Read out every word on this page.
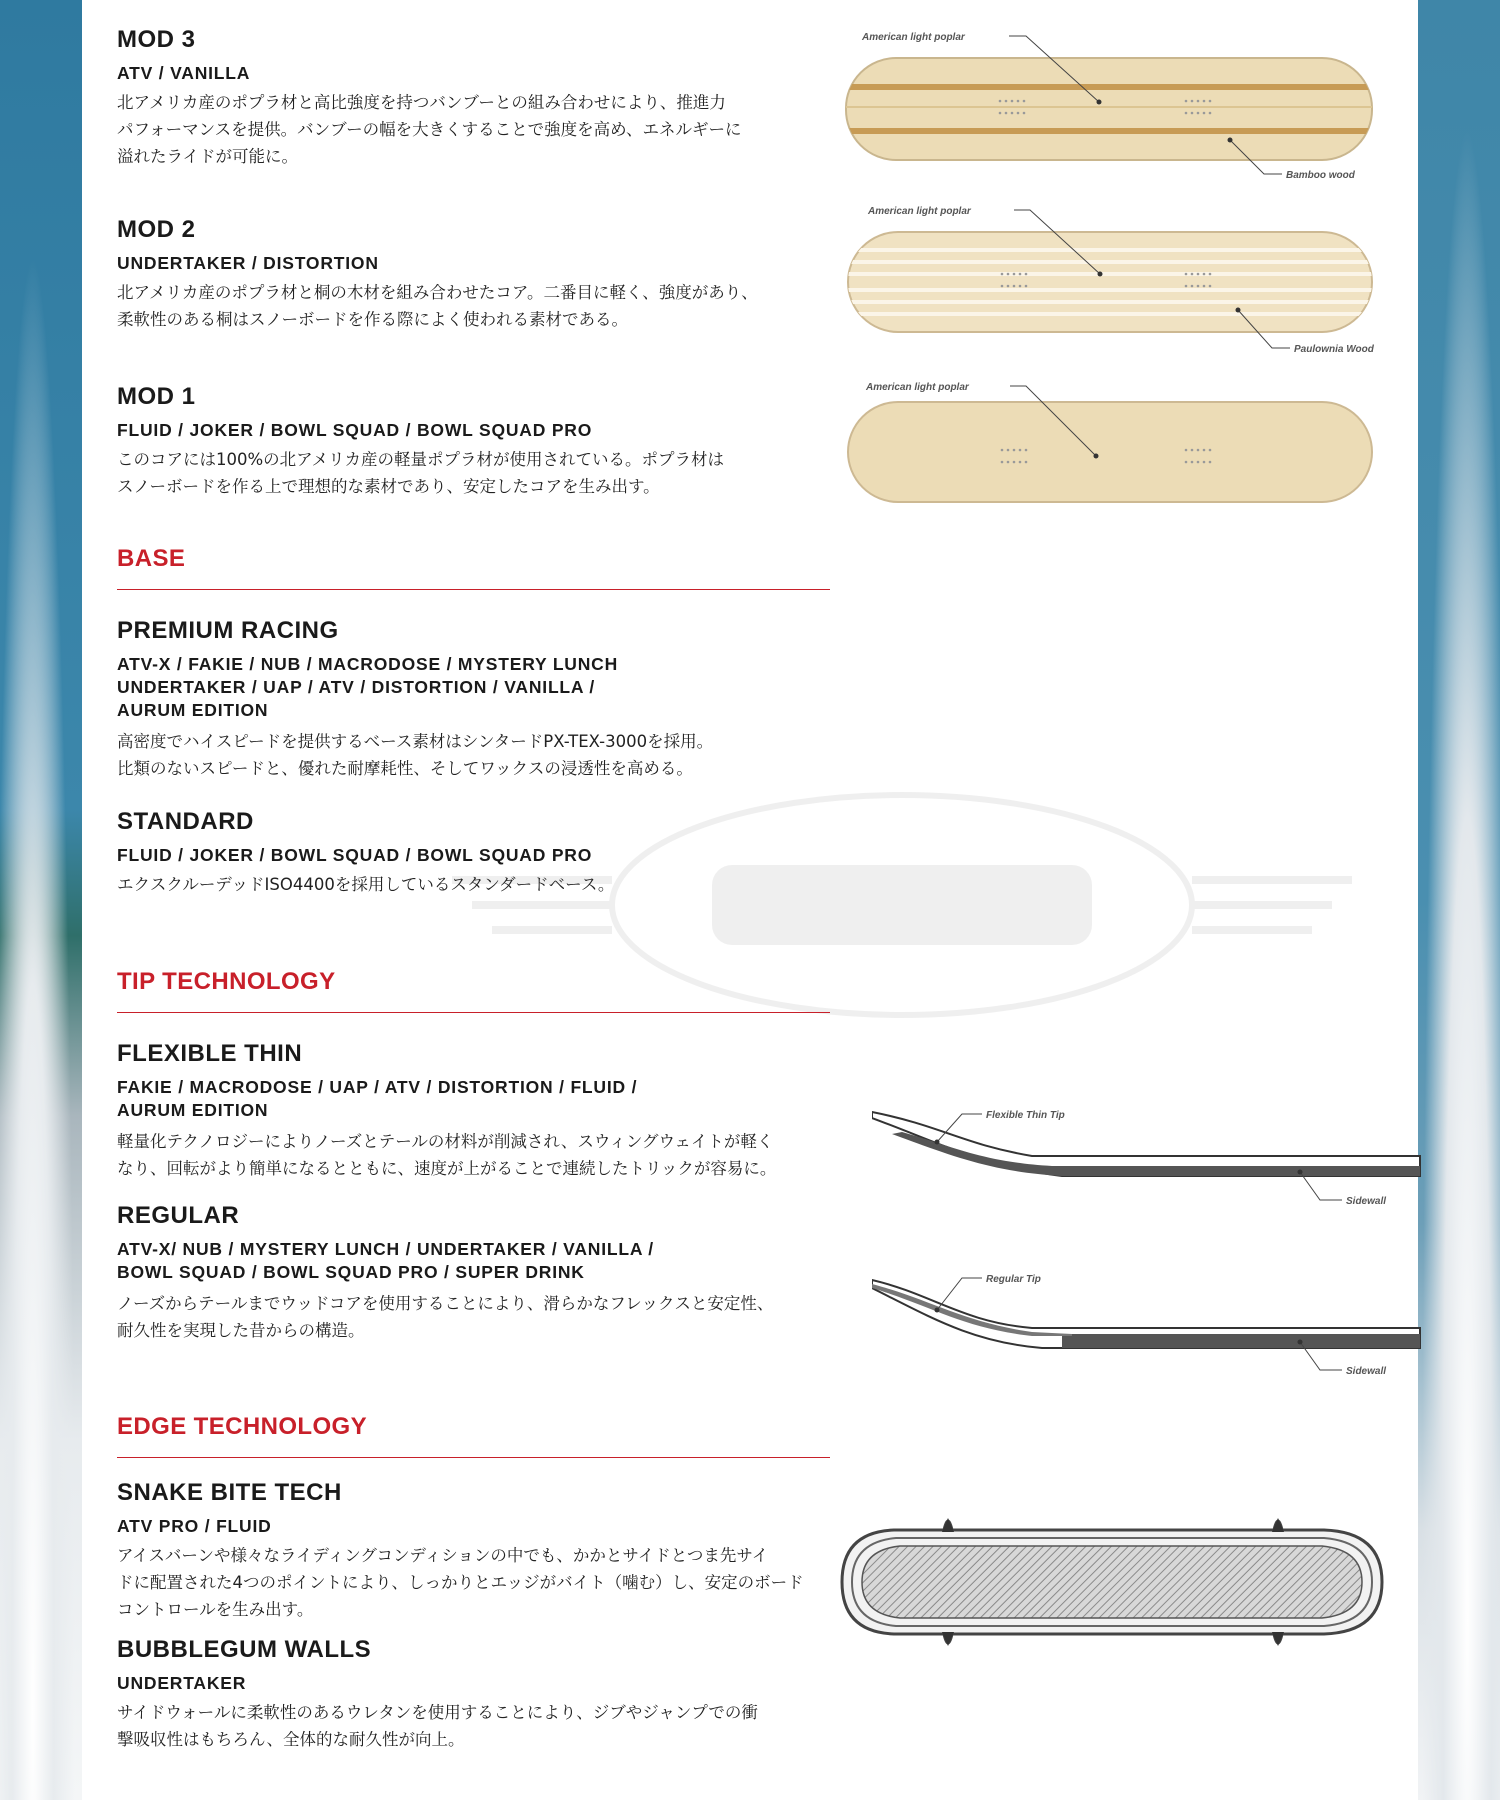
MOD 3

ATV / VANILLA

北アメリカ産のポプラ材と高比強度を持つバンブーとの組み合わせにより、推進力

パフォーマンスを提供。バンブーの幅を大きくすることで強度を高め、エネルギーに

溢れたライドが可能に。

MOD 2

UNDERTAKER / DISTORTION

北アメリカ産のポプラ材と桐の木材を組み合わせたコア。二番目に軽く、強度があり、

柔軟性のある桐はスノーボードを作る際によく使われる素材である。

MOD 1

FLUID / JOKER / BOWL SQUAD / BOWL SQUAD PRO

このコアには100%の北アメリカ産の軽量ポプラ材が使用されている。ポプラ材は

スノーボードを作る上で理想的な素材であり、安定したコアを生み出す。

BASE

PREMIUM RACING

ATV-X / FAKIE / NUB / MACRODOSE / MYSTERY LUNCH

UNDERTAKER / UAP / ATV / DISTORTION / VANILLA /

AURUM EDITION

高密度でハイスピードを提供するベース素材はシンタードPX-TEX-3000を採用。

比類のないスピードと、優れた耐摩耗性、そしてワックスの浸透性を高める。

STANDARD

FLUID / JOKER / BOWL SQUAD / BOWL SQUAD PRO

エクスクルーデッドISO4400を採用しているスタンダードベース。

TIP TECHNOLOGY

FLEXIBLE THIN

FAKIE / MACRODOSE / UAP / ATV / DISTORTION / FLUID /

AURUM EDITION

軽量化テクノロジーによりノーズとテールの材料が削減され、スウィングウェイトが軽く

なり、回転がより簡単になるとともに、速度が上がることで連続したトリックが容易に。

REGULAR

ATV-X/ NUB / MYSTERY LUNCH / UNDERTAKER / VANILLA /

BOWL SQUAD / BOWL SQUAD PRO / SUPER DRINK

ノーズからテールまでウッドコアを使用することにより、滑らかなフレックスと安定性、

耐久性を実現した昔からの構造。

EDGE TECHNOLOGY

SNAKE BITE TECH

ATV PRO / FLUID

アイスバーンや様々なライディングコンディションの中でも、かかとサイドとつま先サイ

ドに配置された4つのポイントにより、しっかりとエッジがバイト（噛む）し、安定のボード

コントロールを生み出す。

BUBBLEGUM WALLS

UNDERTAKER

サイドウォールに柔軟性のあるウレタンを使用することにより、ジブやジャンプでの衝

撃吸収性はもちろん、全体的な耐久性が向上。

American light poplar
Bamboo wood
American light poplar
Paulownia Wood
American light poplar
Flexible Thin Tip
Sidewall
Regular Tip
Sidewall
